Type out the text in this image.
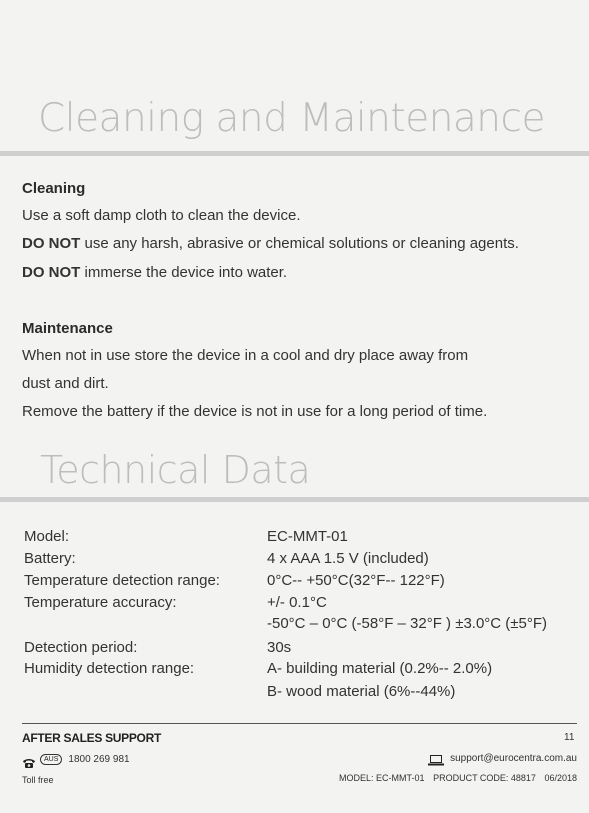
Cleaning and Maintenance
Cleaning
Use a soft damp cloth to clean the device.
DO NOT use any harsh, abrasive or chemical solutions or cleaning agents.
DO NOT immerse the device into water.
Maintenance
When not in use store the device in a cool and dry place away from
dust and dirt.
Remove the battery if the device is not in use for a long period of time.
Technical Data
Model:	EC-MMT-01
Battery:	4 x AAA 1.5 V (included)
Temperature detection range:	0°C-- +50°C(32°F-- 122°F)
Temperature accuracy:	+/- 0.1°C
-50°C – 0°C (-58°F – 32°F ) ±3.0°C (±5°F)
Detection period:	30s
Humidity detection range:	A- building material (0.2%-- 2.0%)
B- wood material (6%--44%)
AFTER SALES SUPPORT	11
AUS	1800 269 981
Toll free
support@eurocentra.com.au
MODEL: EC-MMT-01 PRODUCT CODE: 48817 06/2018
